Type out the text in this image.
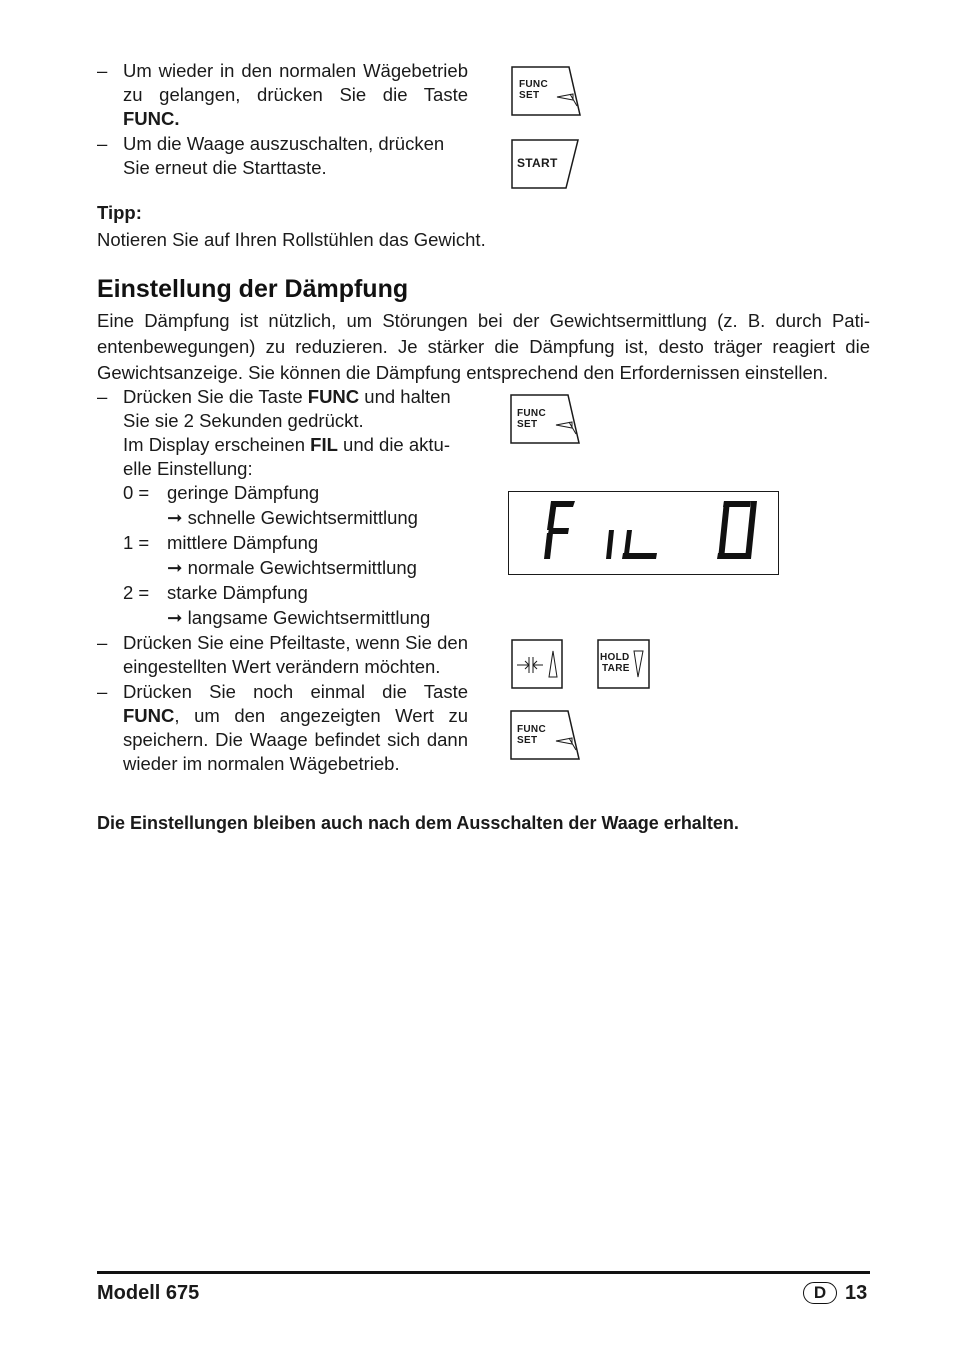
– Um wieder in den normalen Wägebetrieb zu gelangen, drücken Sie die Taste FUNC.
– Um die Waage auszuschalten, drücken Sie erneut die Starttaste.
FUNC
SET
START
Tipp:
Notieren Sie auf Ihren Rollstühlen das Gewicht.
Einstellung der Dämpfung
Eine Dämpfung ist nützlich, um Störungen bei der Gewichtsermittlung (z. B. durch Patientenbewegungen) zu reduzieren. Je stärker die Dämpfung ist, desto träger reagiert die Gewichtsanzeige. Sie können die Dämpfung entsprechend den Erfordernissen einstellen.
– Drücken Sie die Taste FUNC und halten Sie sie 2 Sekunden gedrückt.
Im Display erscheinen FIL und die aktuelle Einstellung:
0 = geringe Dämpfung
➞ schnelle Gewichtsermittlung
1 = mittlere Dämpfung
➞ normale Gewichtsermittlung
2 = starke Dämpfung
➞ langsame Gewichtsermittlung
– Drücken Sie eine Pfeiltaste, wenn Sie den eingestellten Wert verändern möchten.
– Drücken Sie noch einmal die Taste FUNC, um den angezeigten Wert zu speichern. Die Waage befindet sich dann wieder im normalen Wägebetrieb.
FUNC
SET
HOLD
TARE
FUNC
SET
Die Einstellungen bleiben auch nach dem Ausschalten der Waage erhalten.
Modell 675	D 13
